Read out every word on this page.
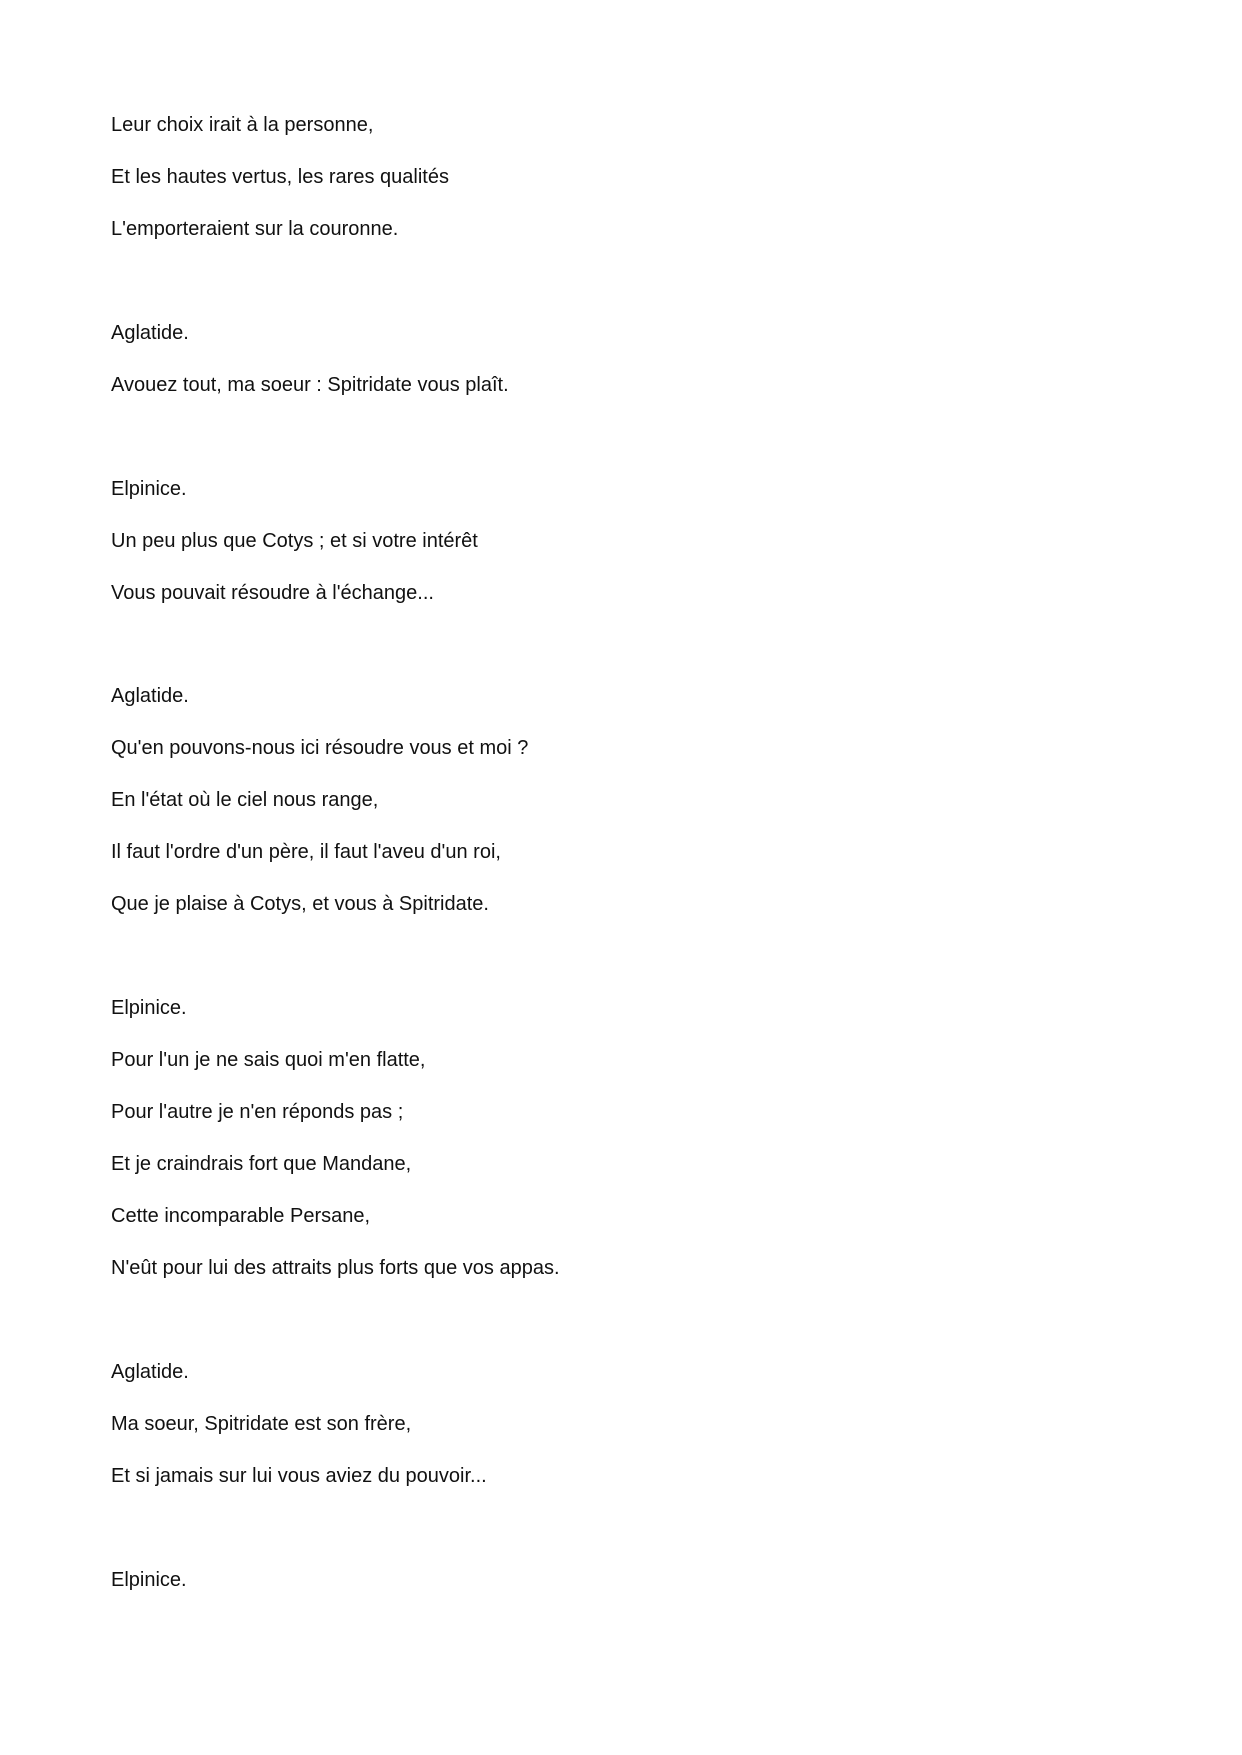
Leur choix irait à la personne,

Et les hautes vertus, les rares qualités

L'emporteraient sur la couronne.

Aglatide.

Avouez tout, ma soeur : Spitridate vous plaît.

Elpinice.

Un peu plus que Cotys ; et si votre intérêt

Vous pouvait résoudre à l'échange...

Aglatide.

Qu'en pouvons-nous ici résoudre vous et moi ?

En l'état où le ciel nous range,

Il faut l'ordre d'un père, il faut l'aveu d'un roi,

Que je plaise à Cotys, et vous à Spitridate.

Elpinice.

Pour l'un je ne sais quoi m'en flatte,

Pour l'autre je n'en réponds pas ;

Et je craindrais fort que Mandane,

Cette incomparable Persane,

N'eût pour lui des attraits plus forts que vos appas.

Aglatide.

Ma soeur, Spitridate est son frère,

Et si jamais sur lui vous aviez du pouvoir...

Elpinice.
